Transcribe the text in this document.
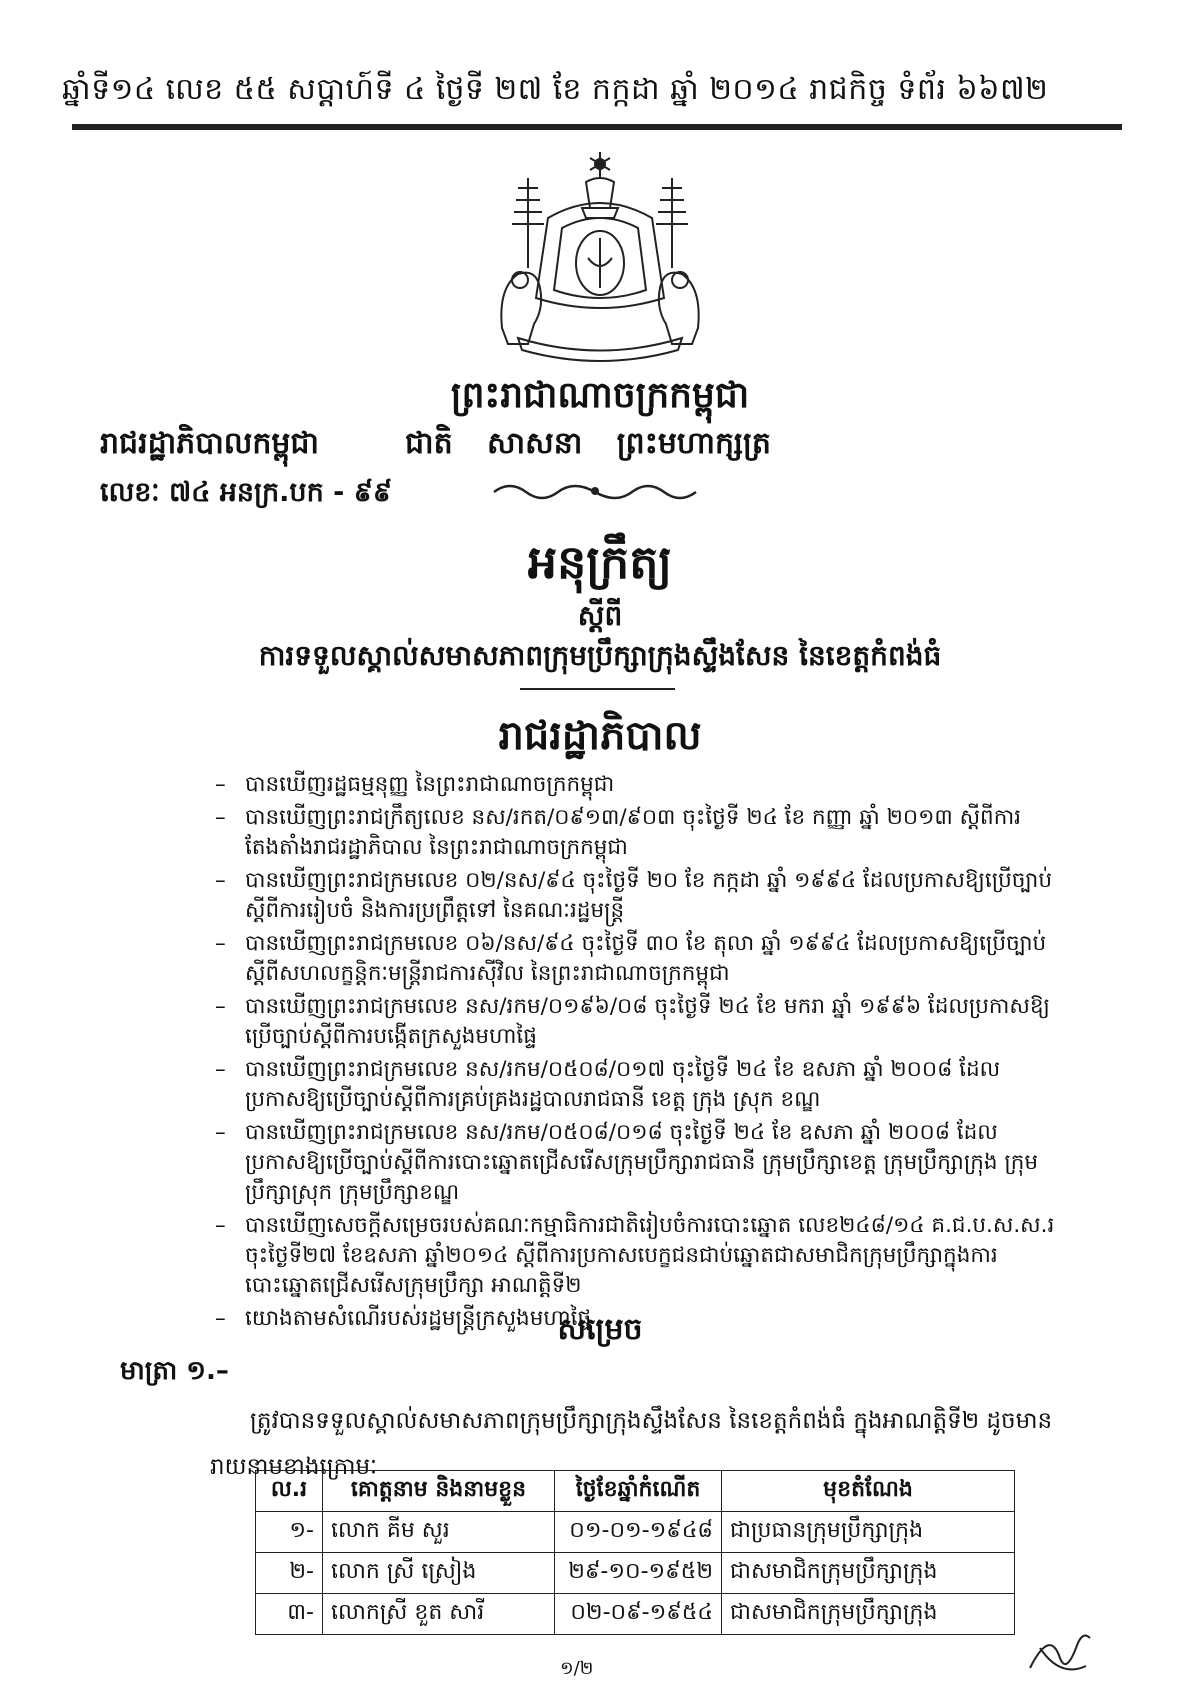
ឆ្នាំទី១៤ លេខ ៥៥ សប្តាហ៍ទី ៤ ថ្ងៃទី ២៧ ខែ កក្កដា ឆ្នាំ ២០១៤ រាជកិច្ច ទំព័រ ៦៦៧២
ព្រះរាជាណាចក្រកម្ពុជា
រាជរដ្ឋាភិបាលកម្ពុជា	ជាតិ សាសនា ព្រះមហាក្សត្រ
លេខៈ ៧៤ អនក្រ.បក - ៩៩
អនុក្រឹត្យ
ស្តីពី
ការទទួលស្គាល់សមាសភាពក្រុមប្រឹក្សាក្រុងស្ទឹងសែន នៃខេត្តកំពង់ធំ
រាជរដ្ឋាភិបាល
– បានឃើញរដ្ឋធម្មនុញ្ញ នៃព្រះរាជាណាចក្រកម្ពុជា
– បានឃើញព្រះរាជក្រឹត្យលេខ នស/រកត/០៩១៣/៩០៣ ចុះថ្ងៃទី ២៤ ខែ កញ្ញា ឆ្នាំ ២០១៣ ស្តីពីការតែងតាំងរាជរដ្ឋាភិបាល នៃព្រះរាជាណាចក្រកម្ពុជា
– បានឃើញព្រះរាជក្រមលេខ ០២/នស/៩៤ ចុះថ្ងៃទី ២០ ខែ កក្កដា ឆ្នាំ ១៩៩៤ ដែលប្រកាសឱ្យប្រើច្បាប់ស្តីពីការរៀបចំ និងការប្រព្រឹត្តទៅ នៃគណៈរដ្ឋមន្ត្រី
– បានឃើញព្រះរាជក្រមលេខ ០៦/នស/៩៤ ចុះថ្ងៃទី ៣០ ខែ តុលា ឆ្នាំ ១៩៩៤ ដែលប្រកាសឱ្យប្រើច្បាប់ស្តីពីសហលក្ខន្តិកៈមន្ត្រីរាជការស៊ីវិល នៃព្រះរាជាណាចក្រកម្ពុជា
– បានឃើញព្រះរាជក្រមលេខ នស/រកម/០១៩៦/០៨ ចុះថ្ងៃទី ២៤ ខែ មករា ឆ្នាំ ១៩៩៦ ដែលប្រកាសឱ្យប្រើច្បាប់ស្តីពីការបង្កើតក្រសួងមហាផ្ទៃ
– បានឃើញព្រះរាជក្រមលេខ នស/រកម/០៥០៨/០១៧ ចុះថ្ងៃទី ២៤ ខែ ឧសភា ឆ្នាំ ២០០៨ ដែលប្រកាសឱ្យប្រើច្បាប់ស្តីពីការគ្រប់គ្រងរដ្ឋបាលរាជធានី ខេត្ត ក្រុង ស្រុក ខណ្ឌ
– បានឃើញព្រះរាជក្រមលេខ នស/រកម/០៥០៨/០១៨ ចុះថ្ងៃទី ២៤ ខែ ឧសភា ឆ្នាំ ២០០៨ ដែលប្រកាសឱ្យប្រើច្បាប់ស្តីពីការបោះឆ្នោតជ្រើសរើសក្រុមប្រឹក្សារាជធានី ក្រុមប្រឹក្សាខេត្ត ក្រុមប្រឹក្សាក្រុង ក្រុមប្រឹក្សាស្រុក ក្រុមប្រឹក្សាខណ្ឌ
– បានឃើញសេចក្តីសម្រេចរបស់គណៈកម្មាធិការជាតិរៀបចំការបោះឆ្នោត លេខ២៤៨/១៤ គ.ជ.ប.ស.ស.រ ចុះថ្ងៃទី២៧ ខែឧសភា ឆ្នាំ២០១៤ ស្តីពីការប្រកាសបេក្ខជនជាប់ឆ្នោតជាសមាជិកក្រុមប្រឹក្សាក្នុងការបោះឆ្នោតជ្រើសរើសក្រុមប្រឹក្សា អាណត្តិទី២
– យោងតាមសំណើរបស់រដ្ឋមន្ត្រីក្រសួងមហាផ្ទៃ
សម្រេច
មាត្រា ១.–
ត្រូវបានទទួលស្គាល់សមាសភាពក្រុមប្រឹក្សាក្រុងស្ទឹងសែន នៃខេត្តកំពង់ធំ ក្នុងអាណត្តិទី២ ដូចមានរាយនាមខាងក្រោមៈ
ល.រ	គោត្តនាម និងនាមខ្លួន	ថ្ងៃខែឆ្នាំកំណើត	មុខតំណែង
១-	លោក គីម សួរ	០១-០១-១៩៤៨	ជាប្រធានក្រុមប្រឹក្សាក្រុង
២-	លោក ស្រី ស្រៀង	២៩-១០-១៩៥២	ជាសមាជិកក្រុមប្រឹក្សាក្រុង
៣-	លោកស្រី ខួត សារី	០២-០៩-១៩៥៤	ជាសមាជិកក្រុមប្រឹក្សាក្រុង
១/២
